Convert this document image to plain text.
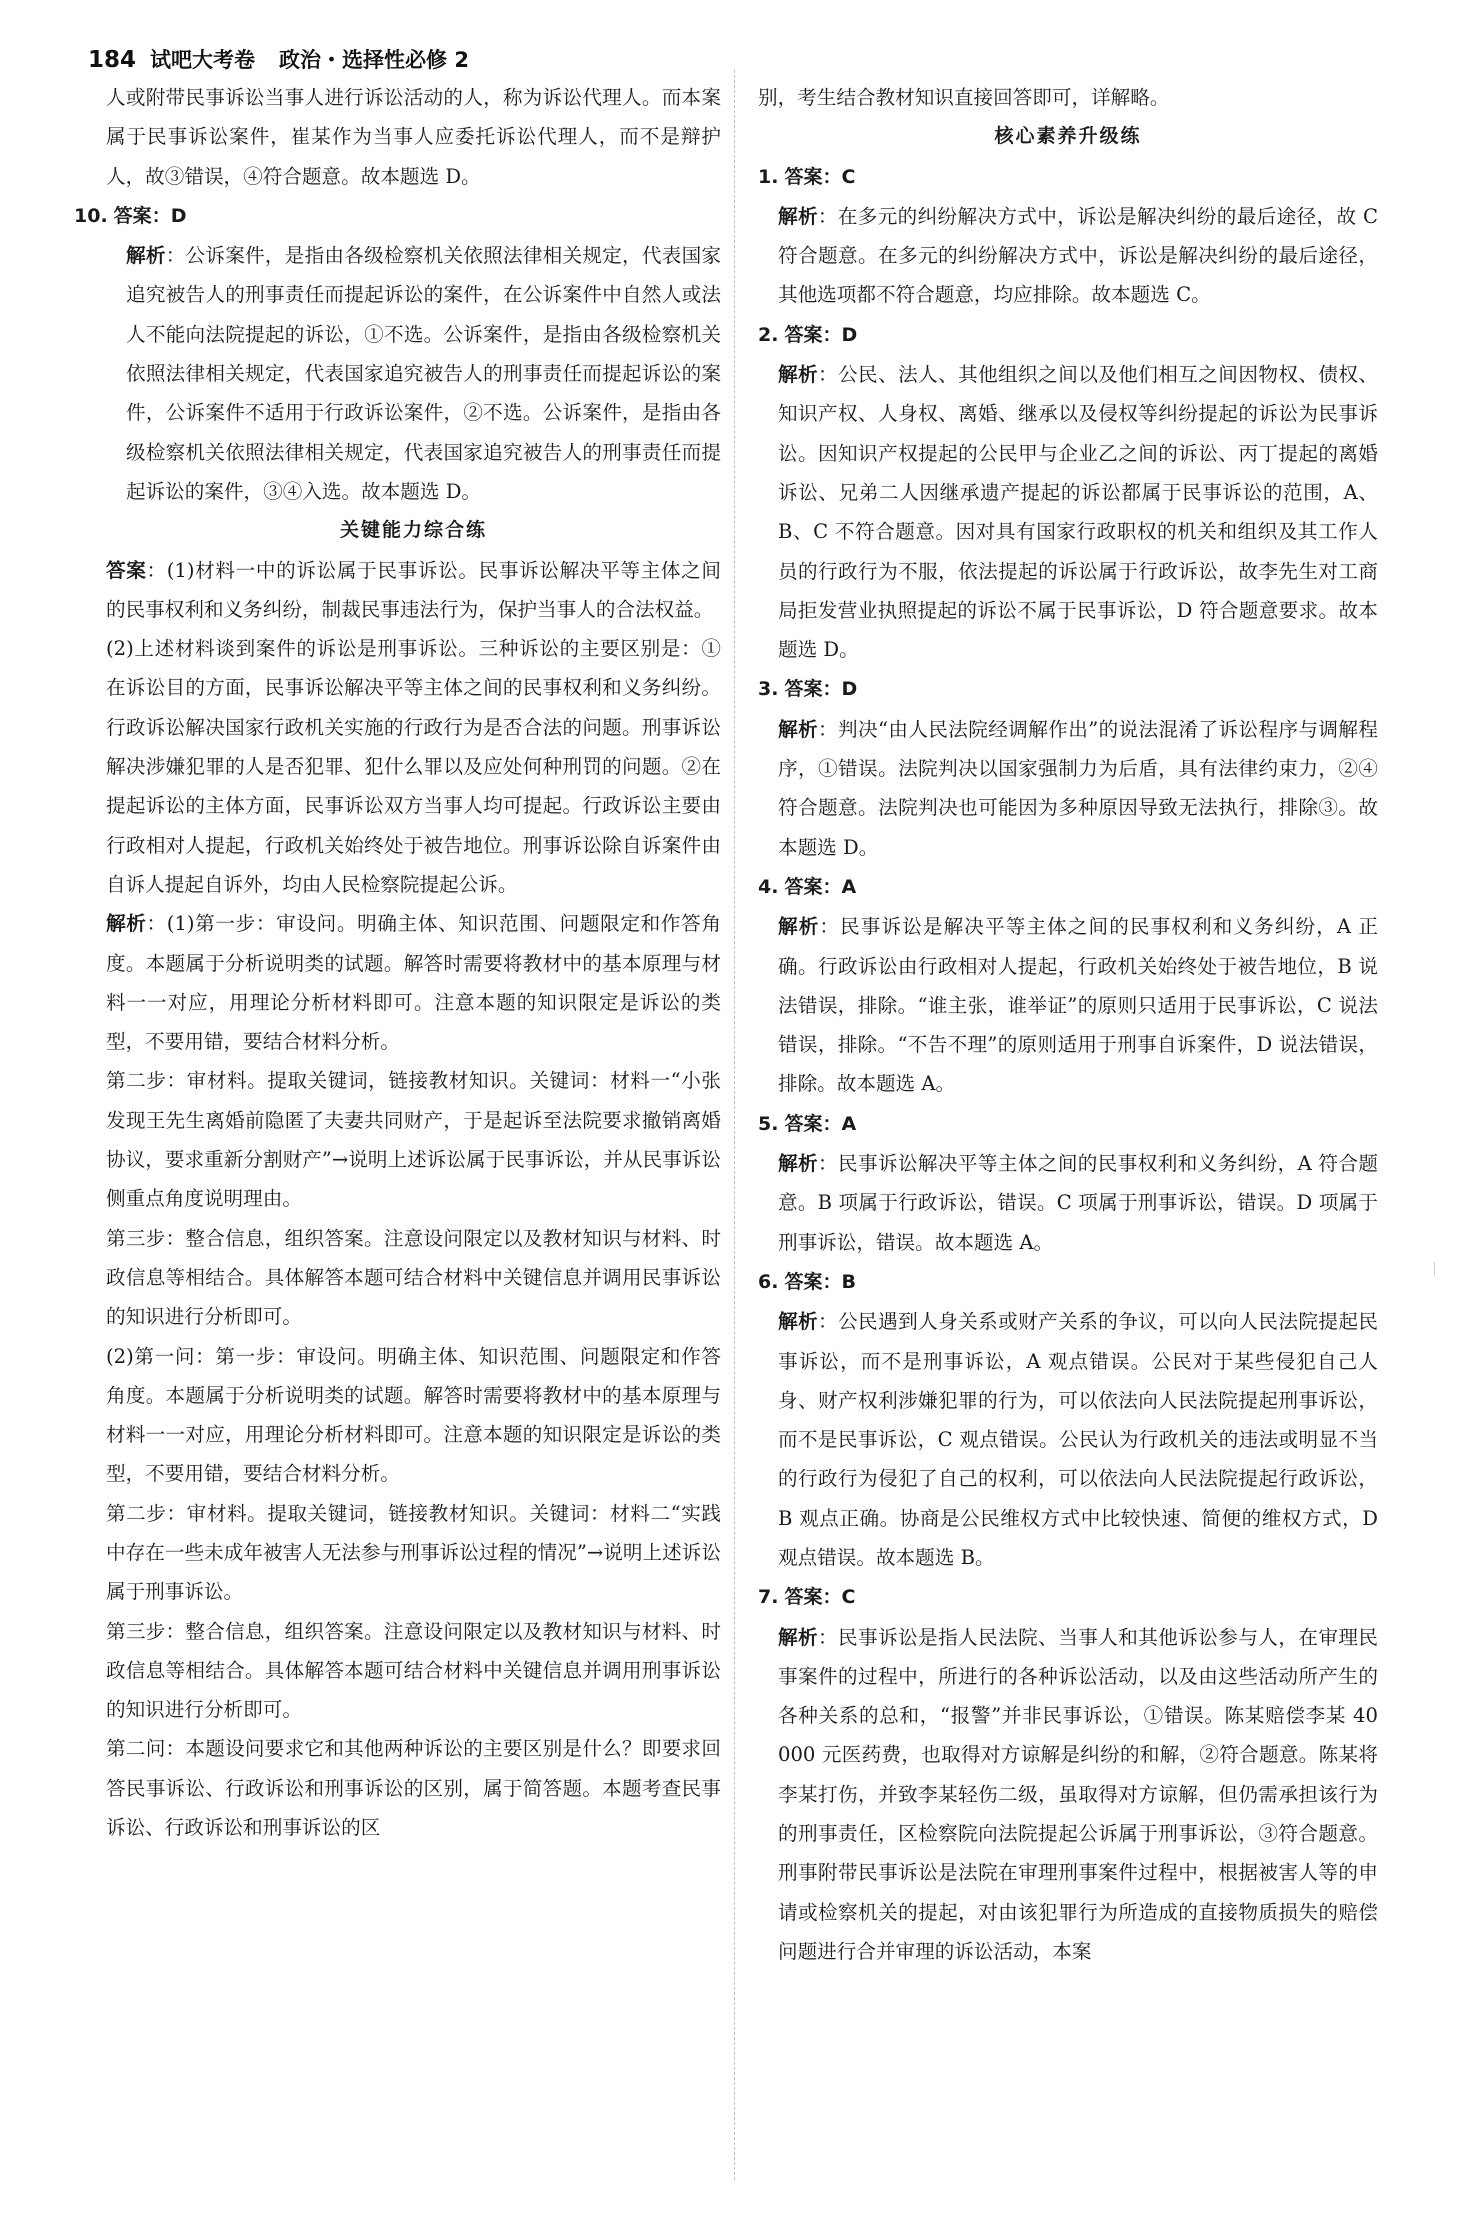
184 试吧大考卷 政治・选择性必修 2

人或附带民事诉讼当事人进行诉讼活动的人，称为诉讼代理人。而本案属于民事诉讼案件，崔某作为当事人应委托诉讼代理人，而不是辩护人，故③错误，④符合题意。故本题选 D。

10. 答案：D

解析：公诉案件，是指由各级检察机关依照法律相关规定，代表国家追究被告人的刑事责任而提起诉讼的案件，在公诉案件中自然人或法人不能向法院提起的诉讼，①不选。公诉案件，是指由各级检察机关依照法律相关规定，代表国家追究被告人的刑事责任而提起诉讼的案件，公诉案件不适用于行政诉讼案件，②不选。公诉案件，是指由各级检察机关依照法律相关规定，代表国家追究被告人的刑事责任而提起诉讼的案件，③④入选。故本题选 D。

关键能力综合练

答案：(1)材料一中的诉讼属于民事诉讼。民事诉讼解决平等主体之间的民事权利和义务纠纷，制裁民事违法行为，保护当事人的合法权益。

(2)上述材料谈到案件的诉讼是刑事诉讼。三种诉讼的主要区别是：①在诉讼目的方面，民事诉讼解决平等主体之间的民事权利和义务纠纷。行政诉讼解决国家行政机关实施的行政行为是否合法的问题。刑事诉讼解决涉嫌犯罪的人是否犯罪、犯什么罪以及应处何种刑罚的问题。②在提起诉讼的主体方面，民事诉讼双方当事人均可提起。行政诉讼主要由行政相对人提起，行政机关始终处于被告地位。刑事诉讼除自诉案件由自诉人提起自诉外，均由人民检察院提起公诉。

解析：(1)第一步：审设问。明确主体、知识范围、问题限定和作答角度。本题属于分析说明类的试题。解答时需要将教材中的基本原理与材料一一对应，用理论分析材料即可。注意本题的知识限定是诉讼的类型，不要用错，要结合材料分析。

第二步：审材料。提取关键词，链接教材知识。关键词：材料一“小张发现王先生离婚前隐匿了夫妻共同财产，于是起诉至法院要求撤销离婚协议，要求重新分割财产”→说明上述诉讼属于民事诉讼，并从民事诉讼侧重点角度说明理由。

第三步：整合信息，组织答案。注意设问限定以及教材知识与材料、时政信息等相结合。具体解答本题可结合材料中关键信息并调用民事诉讼的知识进行分析即可。

(2)第一问：第一步：审设问。明确主体、知识范围、问题限定和作答角度。本题属于分析说明类的试题。解答时需要将教材中的基本原理与材料一一对应，用理论分析材料即可。注意本题的知识限定是诉讼的类型，不要用错，要结合材料分析。

第二步：审材料。提取关键词，链接教材知识。关键词：材料二“实践中存在一些未成年被害人无法参与刑事诉讼过程的情况”→说明上述诉讼属于刑事诉讼。

第三步：整合信息，组织答案。注意设问限定以及教材知识与材料、时政信息等相结合。具体解答本题可结合材料中关键信息并调用刑事诉讼的知识进行分析即可。

第二问：本题设问要求它和其他两种诉讼的主要区别是什么？即要求回答民事诉讼、行政诉讼和刑事诉讼的区别，属于简答题。本题考查民事诉讼、行政诉讼和刑事诉讼的区

别，考生结合教材知识直接回答即可，详解略。

核心素养升级练

1. 答案：C

解析：在多元的纠纷解决方式中，诉讼是解决纠纷的最后途径，故 C 符合题意。在多元的纠纷解决方式中，诉讼是解决纠纷的最后途径，其他选项都不符合题意，均应排除。故本题选 C。

2. 答案：D

解析：公民、法人、其他组织之间以及他们相互之间因物权、债权、知识产权、人身权、离婚、继承以及侵权等纠纷提起的诉讼为民事诉讼。因知识产权提起的公民甲与企业乙之间的诉讼、丙丁提起的离婚诉讼、兄弟二人因继承遗产提起的诉讼都属于民事诉讼的范围，A、B、C 不符合题意。因对具有国家行政职权的机关和组织及其工作人员的行政行为不服，依法提起的诉讼属于行政诉讼，故李先生对工商局拒发营业执照提起的诉讼不属于民事诉讼，D 符合题意要求。故本题选 D。

3. 答案：D

解析：判决“由人民法院经调解作出”的说法混淆了诉讼程序与调解程序，①错误。法院判决以国家强制力为后盾，具有法律约束力，②④符合题意。法院判决也可能因为多种原因导致无法执行，排除③。故本题选 D。

4. 答案：A

解析：民事诉讼是解决平等主体之间的民事权利和义务纠纷，A 正确。行政诉讼由行政相对人提起，行政机关始终处于被告地位，B 说法错误，排除。“谁主张，谁举证”的原则只适用于民事诉讼，C 说法错误，排除。“不告不理”的原则适用于刑事自诉案件，D 说法错误，排除。故本题选 A。

5. 答案：A

解析：民事诉讼解决平等主体之间的民事权利和义务纠纷，A 符合题意。B 项属于行政诉讼，错误。C 项属于刑事诉讼，错误。D 项属于刑事诉讼，错误。故本题选 A。

6. 答案：B

解析：公民遇到人身关系或财产关系的争议，可以向人民法院提起民事诉讼，而不是刑事诉讼，A 观点错误。公民对于某些侵犯自己人身、财产权利涉嫌犯罪的行为，可以依法向人民法院提起刑事诉讼，而不是民事诉讼，C 观点错误。公民认为行政机关的违法或明显不当的行政行为侵犯了自己的权利，可以依法向人民法院提起行政诉讼，B 观点正确。协商是公民维权方式中比较快速、简便的维权方式，D 观点错误。故本题选 B。

7. 答案：C

解析：民事诉讼是指人民法院、当事人和其他诉讼参与人，在审理民事案件的过程中，所进行的各种诉讼活动，以及由这些活动所产生的各种关系的总和，“报警”并非民事诉讼，①错误。陈某赔偿李某 40 000 元医药费，也取得对方谅解是纠纷的和解，②符合题意。陈某将李某打伤，并致李某轻伤二级，虽取得对方谅解，但仍需承担该行为的刑事责任，区检察院向法院提起公诉属于刑事诉讼，③符合题意。刑事附带民事诉讼是法院在审理刑事案件过程中，根据被害人等的申请或检察机关的提起，对由该犯罪行为所造成的直接物质损失的赔偿问题进行合并审理的诉讼活动，本案
